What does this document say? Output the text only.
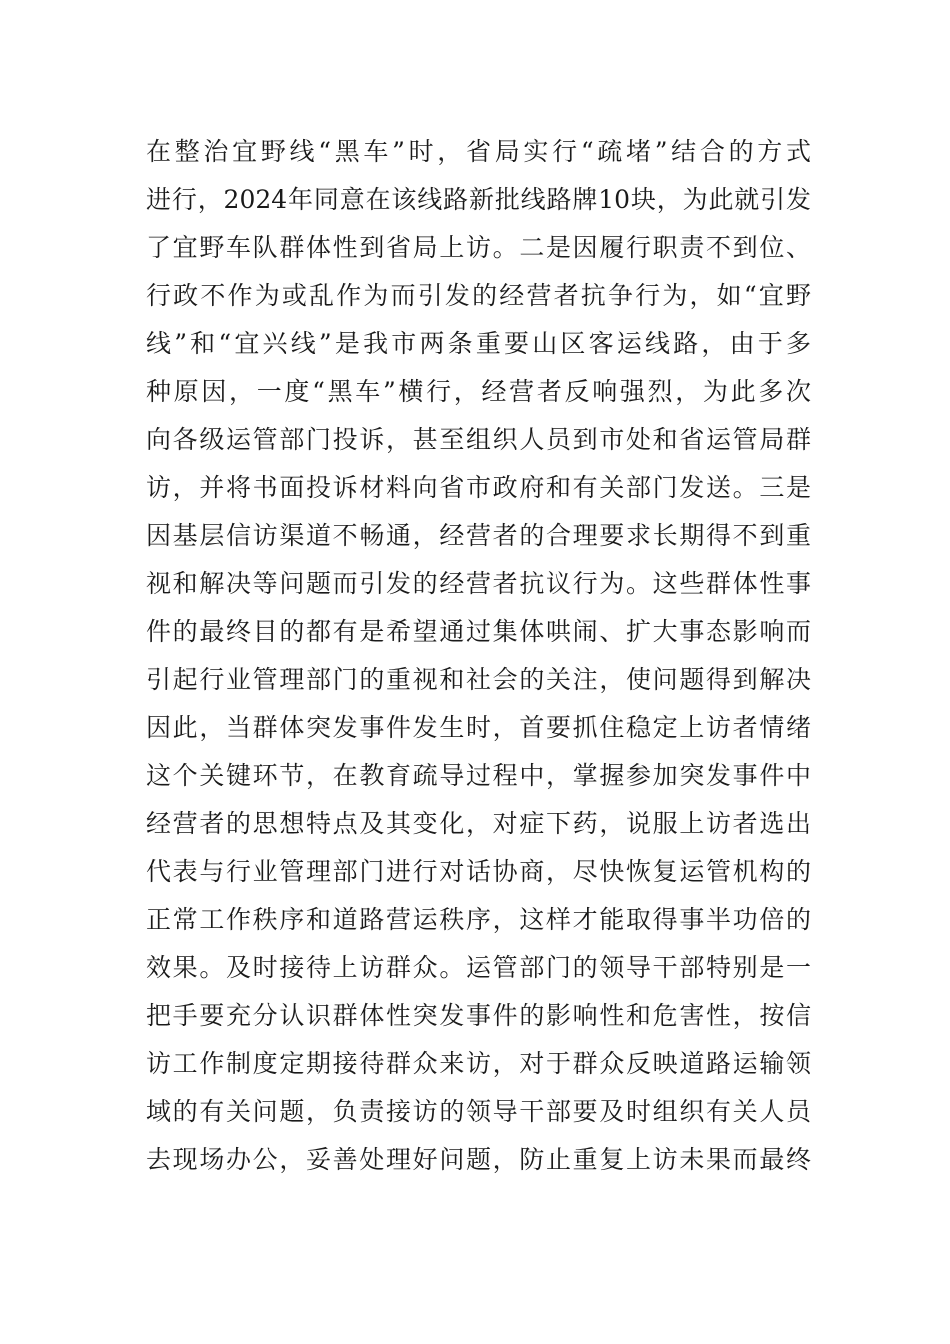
在整治宜野线“黑车”时，省局实行“疏堵”结合的方式
进行，2024年同意在该线路新批线路牌10块，为此就引发
了宜野车队群体性到省局上访。二是因履行职责不到位、
行政不作为或乱作为而引发的经营者抗争行为，如“宜野
线”和“宜兴线”是我市两条重要山区客运线路，由于多
种原因，一度“黑车”横行，经营者反响强烈，为此多次
向各级运管部门投诉，甚至组织人员到市处和省运管局群
访，并将书面投诉材料向省市政府和有关部门发送。三是
因基层信访渠道不畅通，经营者的合理要求长期得不到重
视和解决等问题而引发的经营者抗议行为。这些群体性事
件的最终目的都有是希望通过集体哄闹、扩大事态影响而
引起行业管理部门的重视和社会的关注，使问题得到解决
因此，当群体突发事件发生时，首要抓住稳定上访者情绪
这个关键环节，在教育疏导过程中，掌握参加突发事件中
经营者的思想特点及其变化，对症下药，说服上访者选出
代表与行业管理部门进行对话协商，尽快恢复运管机构的
正常工作秩序和道路营运秩序，这样才能取得事半功倍的
效果。及时接待上访群众。运管部门的领导干部特别是一
把手要充分认识群体性突发事件的影响性和危害性，按信
访工作制度定期接待群众来访，对于群众反映道路运输领
域的有关问题，负责接访的领导干部要及时组织有关人员
去现场办公，妥善处理好问题，防止重复上访未果而最终
